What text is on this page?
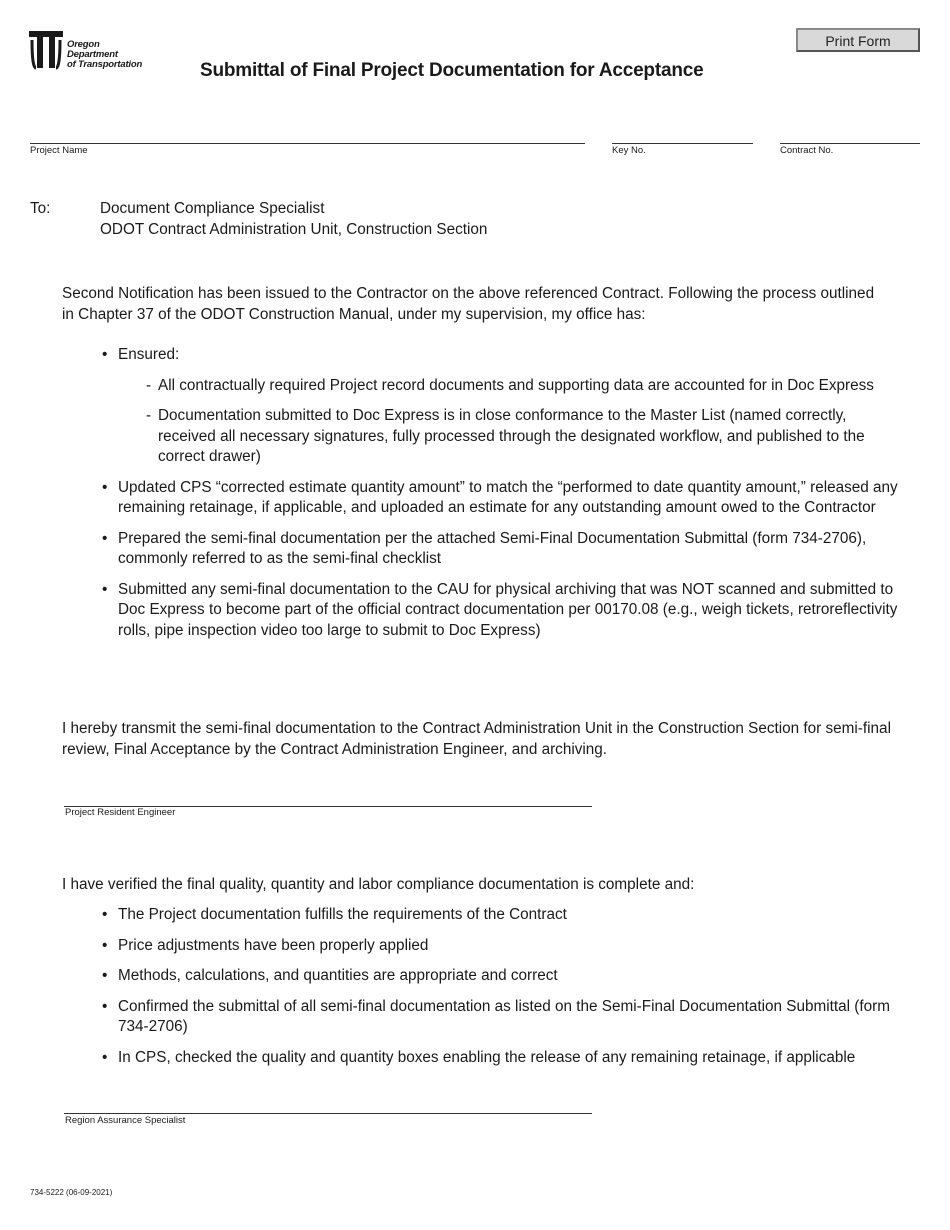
Oregon
Department
of Transportation	Submittal of Final Project Documentation for Acceptance
Print Form
Project Name	Key No.	Contract No.
To:	Document Compliance Specialist
ODOT Contract Administration Unit, Construction Section
Second Notification has been issued to the Contractor on the above referenced Contract. Following the process outlined in Chapter 37 of the ODOT Construction Manual, under my supervision, my office has:
• Ensured:
- All contractually required Project record documents and supporting data are accounted for in Doc Express
- Documentation submitted to Doc Express is in close conformance to the Master List (named correctly, received all necessary signatures, fully processed through the designated workflow, and published to the correct drawer)
• Updated CPS “corrected estimate quantity amount” to match the “performed to date quantity amount,” released any remaining retainage, if applicable, and uploaded an estimate for any outstanding amount owed to the Contractor
• Prepared the semi-final documentation per the attached Semi-Final Documentation Submittal (form 734-2706), commonly referred to as the semi-final checklist
• Submitted any semi-final documentation to the CAU for physical archiving that was NOT scanned and submitted to Doc Express to become part of the official contract documentation per 00170.08 (e.g., weigh tickets, retroreflectivity rolls, pipe inspection video too large to submit to Doc Express)
I hereby transmit the semi-final documentation to the Contract Administration Unit in the Construction Section for semi-final review, Final Acceptance by the Contract Administration Engineer, and archiving.
Project Resident Engineer
I have verified the final quality, quantity and labor compliance documentation is complete and:
• The Project documentation fulfills the requirements of the Contract
• Price adjustments have been properly applied
• Methods, calculations, and quantities are appropriate and correct
• Confirmed the submittal of all semi-final documentation as listed on the Semi-Final Documentation Submittal (form 734-2706)
• In CPS, checked the quality and quantity boxes enabling the release of any remaining retainage, if applicable
Region Assurance Specialist
734-5222 (06-09-2021)
